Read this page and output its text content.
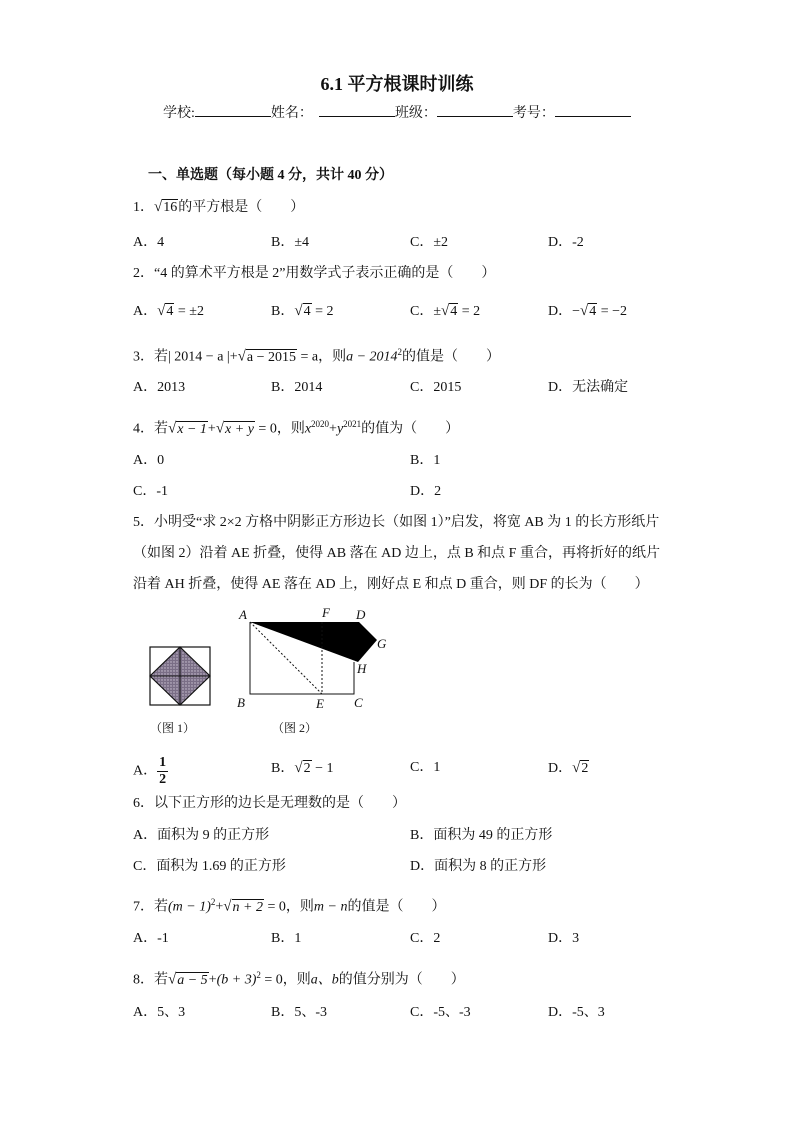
6.1 平方根课时训练
学校:	姓名：	班级：	考号：
一、单选题（每小题 4 分，共计 40 分）
1．√16的平方根是（　　）
A．4	B．±4	C．±2	D．-2
2．“4 的算术平方根是 2”用数学式子表示正确的是（　　）
A．√4 = ±2	B．√4 = 2	C．±√4 = 2	D．−√4 = −2
3．若| 2014 − a |+√a − 2015 = a，则$a - 2014^2$的值是（　　）
A．2013	B．2014	C．2015	D．无法确定
4．若√x − 1+√x + y = 0，则$x^{2020}+y^{2021}$的值为（　　）
A．0	B．1
C．-1	D．2
5．小明受“求 2×2 方格中阴影正方形边长（如图 1）”启发，将宽 AB 为 1 的长方形纸片
（如图 2）沿着 AE 折叠，使得 AB 落在 AD 边上，点 B 和点 F 重合，再将折好的纸片
沿着 AH 折叠，使得 AE 落在 AD 上，刚好点 E 和点 D 重合，则 DF 的长为（　　）
（图 1）
A	F D
G
H
B	E C
（图 2）
A． $\frac{1}{2}$	B．√2 − 1	C．1	D．√2
6．以下正方形的边长是无理数的是（　　）
A．面积为 9 的正方形	B．面积为 49 的正方形
C．面积为 1.69 的正方形	D．面积为 8 的正方形
7．若$(m - 1)^2+√n + 2 = 0$，则m − n的值是（　　）
A．-1	B．1	C．2	D．3
8．若$√a - 5+(b + 3)^2 = 0$，则a、b的值分别为（　　）
A．5、3	B．5、-3	C．-5、-3	D．-5、3
